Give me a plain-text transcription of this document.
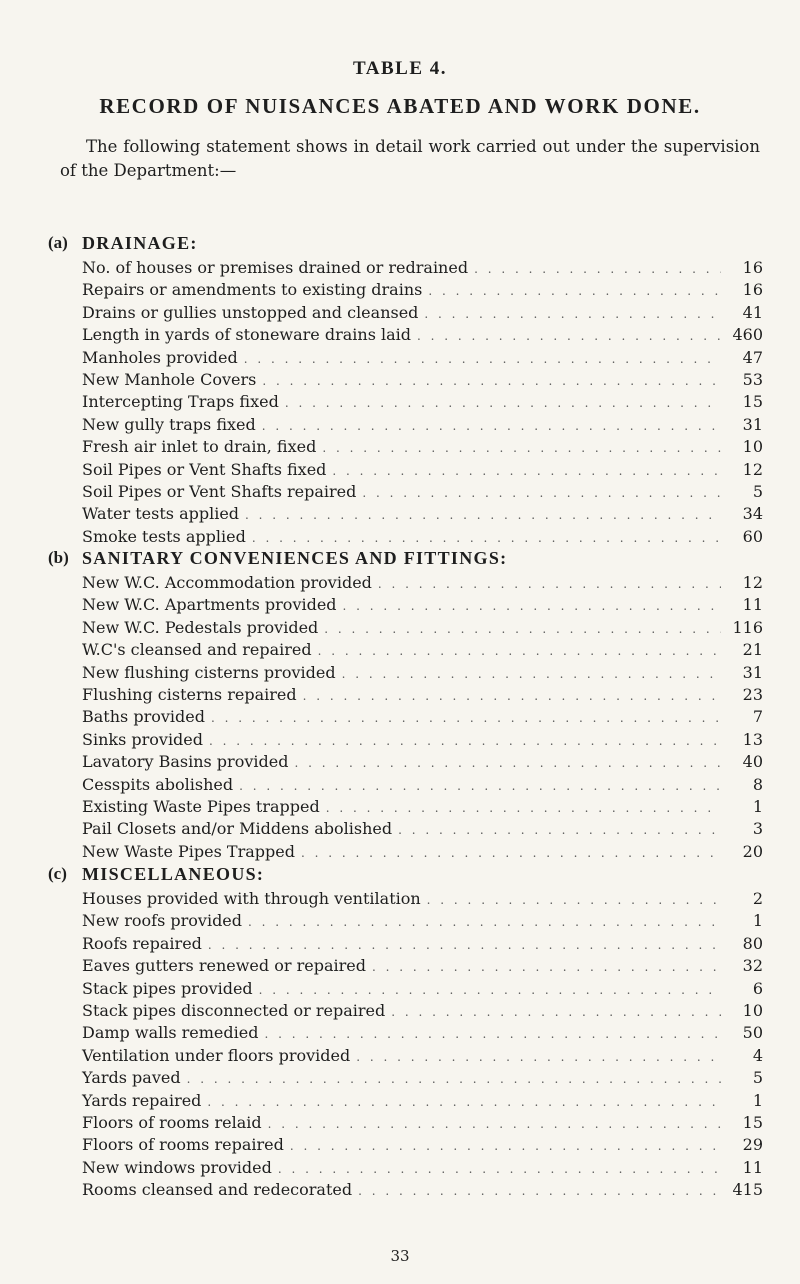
TABLE 4.
RECORD OF NUISANCES ABATED AND WORK DONE.

The following statement shows in detail work carried out under the supervision of the Department:—

(a) DRAINAGE:
No. of houses or premises drained or redrained . . .	16
Repairs or amendments to existing drains . . .	16
Drains or gullies unstopped and cleansed . . .	41
Length in yards of stoneware drains laid . . .	460
Manholes provided . . .	47
New Manhole Covers . . .	53
Intercepting Traps fixed . . .	15
New gully traps fixed . . .	31
Fresh air inlet to drain, fixed . . .	10
Soil Pipes or Vent Shafts fixed . . .	12
Soil Pipes or Vent Shafts repaired . . .	5
Water tests applied . . .	34
Smoke tests applied . . .	60
(b) SANITARY CONVENIENCES AND FITTINGS:
New W.C. Accommodation provided . . .	12
New W.C. Apartments provided . . .	11
New W.C. Pedestals provided . . .	116
W.C's cleansed and repaired . . .	21
New flushing cisterns provided . . .	31
Flushing cisterns repaired . . .	23
Baths provided . . .	7
Sinks provided . . .	13
Lavatory Basins provided . . .	40
Cesspits abolished . . .	8
Existing Waste Pipes trapped . . .	1
Pail Closets and/or Middens abolished . . .	3
New Waste Pipes Trapped . . .	20
(c) MISCELLANEOUS:
Houses provided with through ventilation . . .	2
New roofs provided . . .	1
Roofs repaired . . .	80
Eaves gutters renewed or repaired . . .	32
Stack pipes provided . . .	6
Stack pipes disconnected or repaired . . .	10
Damp walls remedied . . .	50
Ventilation under floors provided . . .	4
Yards paved . . .	5
Yards repaired . . .	1
Floors of rooms relaid . . .	15
Floors of rooms repaired . . .	29
New windows provided . . .	11
Rooms cleansed and redecorated . . .	415
33
